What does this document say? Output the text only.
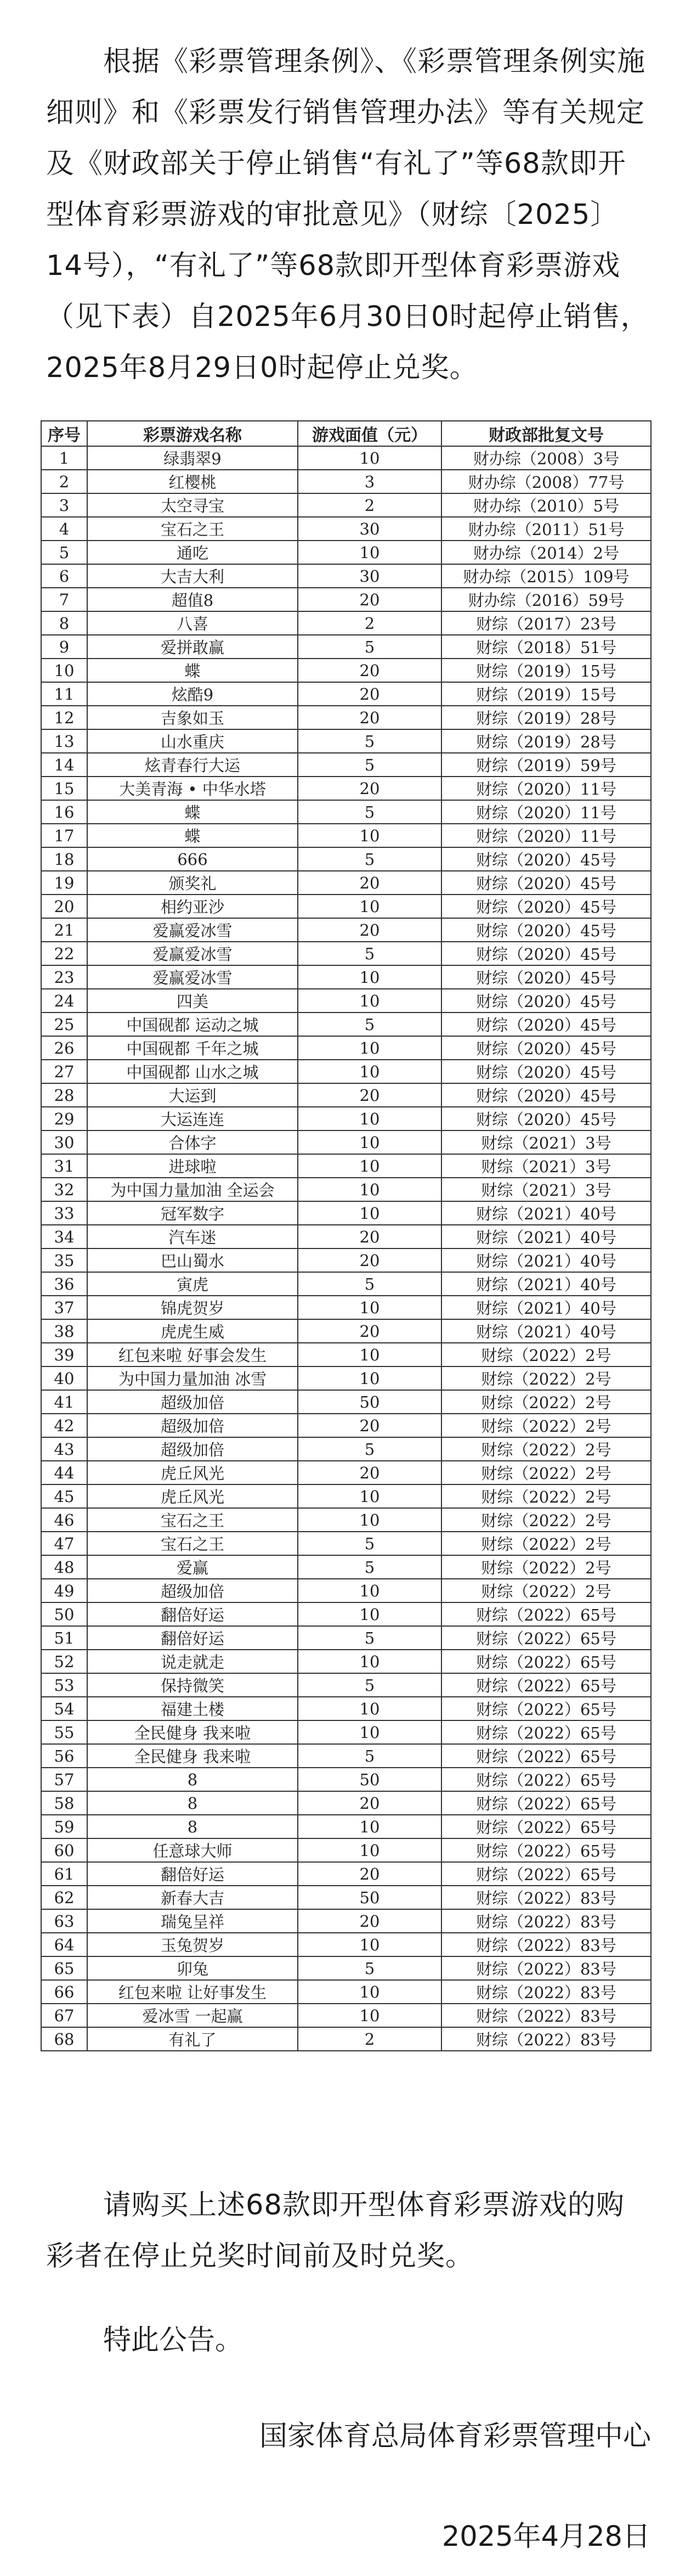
根据《彩票管理条例》、《彩票管理条例实施细则》和《彩票发行销售管理办法》等有关规定及《财政部关于停止销售“有礼了”等68款即开型体育彩票游戏的审批意见》（财综〔2025〕14号），“有礼了”等68款即开型体育彩票游戏（见下表）自2025年6月30日0时起停止销售，2025年8月29日0时起停止兑奖。
序号	彩票游戏名称	游戏面值（元）	财政部批复文号
1	绿翡翠9	10	财办综（2008）3号
2	红樱桃	3	财办综（2008）77号
3	太空寻宝	2	财办综（2010）5号
4	宝石之王	30	财办综（2011）51号
5	通吃	10	财办综（2014）2号
6	大吉大利	30	财办综（2015）109号
7	超值8	20	财办综（2016）59号
8	八喜	2	财综（2017）23号
9	爱拼敢赢	5	财综（2018）51号
10	蝶	20	财综（2019）15号
11	炫酷9	20	财综（2019）15号
12	吉象如玉	20	财综（2019）28号
13	山水重庆	5	财综（2019）28号
14	炫青春行大运	5	财综（2019）59号
15	大美青海 • 中华水塔	20	财综（2020）11号
16	蝶	5	财综（2020）11号
17	蝶	10	财综（2020）11号
18	666	5	财综（2020）45号
19	颁奖礼	20	财综（2020）45号
20	相约亚沙	10	财综（2020）45号
21	爱赢爱冰雪	20	财综（2020）45号
22	爱赢爱冰雪	5	财综（2020）45号
23	爱赢爱冰雪	10	财综（2020）45号
24	四美	10	财综（2020）45号
25	中国砚都 运动之城	5	财综（2020）45号
26	中国砚都 千年之城	10	财综（2020）45号
27	中国砚都 山水之城	10	财综（2020）45号
28	大运到	20	财综（2020）45号
29	大运连连	10	财综（2020）45号
30	合体字	10	财综（2021）3号
31	进球啦	10	财综（2021）3号
32	为中国力量加油 全运会	10	财综（2021）3号
33	冠军数字	10	财综（2021）40号
34	汽车迷	20	财综（2021）40号
35	巴山蜀水	20	财综（2021）40号
36	寅虎	5	财综（2021）40号
37	锦虎贺岁	10	财综（2021）40号
38	虎虎生威	20	财综（2021）40号
39	红包来啦 好事会发生	10	财综（2022）2号
40	为中国力量加油 冰雪	10	财综（2022）2号
41	超级加倍	50	财综（2022）2号
42	超级加倍	20	财综（2022）2号
43	超级加倍	5	财综（2022）2号
44	虎丘风光	20	财综（2022）2号
45	虎丘风光	10	财综（2022）2号
46	宝石之王	10	财综（2022）2号
47	宝石之王	5	财综（2022）2号
48	爱赢	5	财综（2022）2号
49	超级加倍	10	财综（2022）2号
50	翻倍好运	10	财综（2022）65号
51	翻倍好运	5	财综（2022）65号
52	说走就走	10	财综（2022）65号
53	保持微笑	5	财综（2022）65号
54	福建土楼	10	财综（2022）65号
55	全民健身 我来啦	10	财综（2022）65号
56	全民健身 我来啦	5	财综（2022）65号
57	8	50	财综（2022）65号
58	8	20	财综（2022）65号
59	8	10	财综（2022）65号
60	任意球大师	10	财综（2022）65号
61	翻倍好运	20	财综（2022）65号
62	新春大吉	50	财综（2022）83号
63	瑞兔呈祥	20	财综（2022）83号
64	玉兔贺岁	10	财综（2022）83号
65	卯兔	5	财综（2022）83号
66	红包来啦 让好事发生	10	财综（2022）83号
67	爱冰雪 一起赢	10	财综（2022）83号
68	有礼了	2	财综（2022）83号
请购买上述68款即开型体育彩票游戏的购彩者在停止兑奖时间前及时兑奖。
特此公告。
国家体育总局体育彩票管理中心
2025年4月28日
